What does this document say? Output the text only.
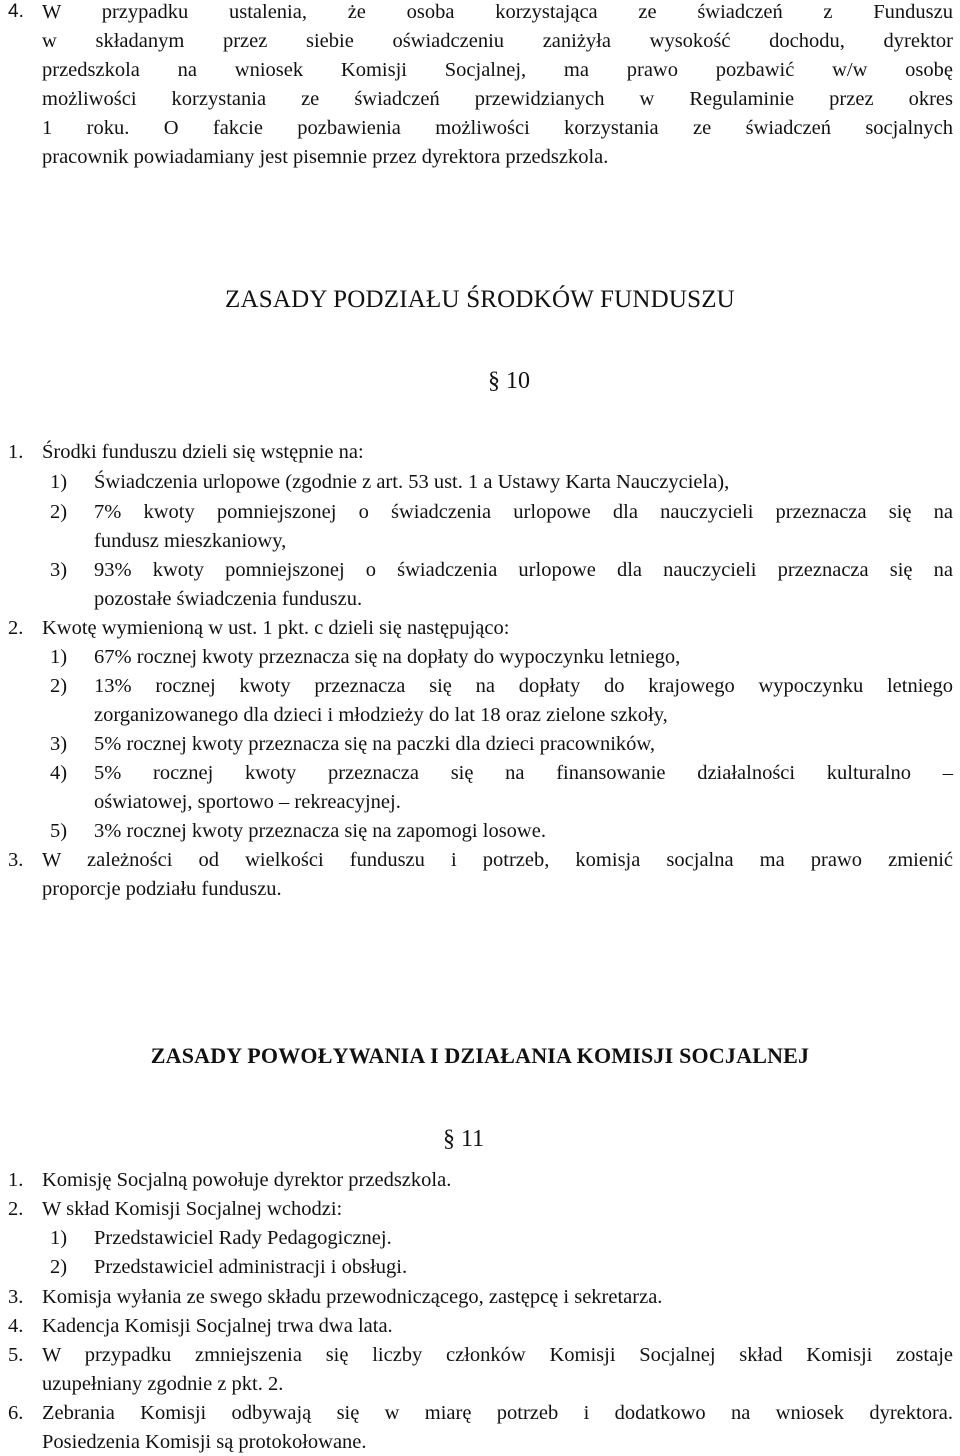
4. W przypadku ustalenia, że osoba korzystająca ze świadczeń z Funduszu
w składanym przez siebie oświadczeniu zaniżyła wysokość dochodu, dyrektor
przedszkola na wniosek Komisji Socjalnej, ma prawo pozbawić w/w osobę
możliwości korzystania ze świadczeń przewidzianych w Regulaminie przez okres
1 roku. O fakcie pozbawienia możliwości korzystania ze świadczeń socjalnych
pracownik powiadamiany jest pisemnie przez dyrektora przedszkola.
ZASADY PODZIAŁU ŚRODKÓW FUNDUSZU
§ 10
1. Środki funduszu dzieli się wstępnie na:
1) Świadczenia urlopowe (zgodnie z art. 53 ust. 1 a Ustawy Karta Nauczyciela),
2) 7% kwoty pomniejszonej o świadczenia urlopowe dla nauczycieli przeznacza się na
fundusz mieszkaniowy,
3) 93% kwoty pomniejszonej o świadczenia urlopowe dla nauczycieli przeznacza się na
pozostałe świadczenia funduszu.
2. Kwotę wymienioną w ust. 1 pkt. c dzieli się następująco:
1) 67% rocznej kwoty przeznacza się na dopłaty do wypoczynku letniego,
2) 13% rocznej kwoty przeznacza się na dopłaty do krajowego wypoczynku letniego
zorganizowanego dla dzieci i młodzieży do lat 18 oraz zielone szkoły,
3) 5% rocznej kwoty przeznacza się na paczki dla dzieci pracowników,
4) 5% rocznej kwoty przeznacza się na finansowanie działalności kulturalno –
oświatowej, sportowo – rekreacyjnej.
5) 3% rocznej kwoty przeznacza się na zapomogi losowe.
3. W zależności od wielkości funduszu i potrzeb, komisja socjalna ma prawo zmienić
proporcje podziału funduszu.
ZASADY POWOŁYWANIA I DZIAŁANIA KOMISJI SOCJALNEJ
§ 11
1. Komisję Socjalną powołuje dyrektor przedszkola.
2. W skład Komisji Socjalnej wchodzi:
1) Przedstawiciel Rady Pedagogicznej.
2) Przedstawiciel administracji i obsługi.
3. Komisja wyłania ze swego składu przewodniczącego, zastępcę i sekretarza.
4. Kadencja Komisji Socjalnej trwa dwa lata.
5. W przypadku zmniejszenia się liczby członków Komisji Socjalnej skład Komisji zostaje
uzupełniany zgodnie z pkt. 2.
6. Zebrania Komisji odbywają się w miarę potrzeb i dodatkowo na wniosek dyrektora.
Posiedzenia Komisji są protokołowane.
